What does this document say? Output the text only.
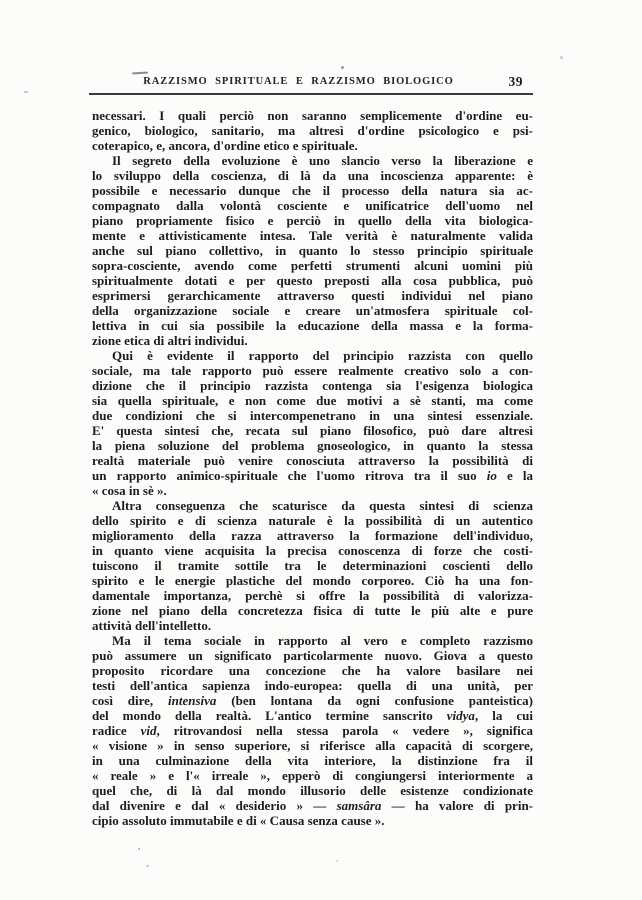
RAZZISMO SPIRITUALE E RAZZISMO BIOLOGICO	39
necessari. I quali perciò non saranno semplicemente d'ordine eu-
genico, biologico, sanitario, ma altresì d'ordine psicologico e psi-
coterapico, e, ancora, d'ordine etico e spirituale.
Il segreto della evoluzione è uno slancio verso la liberazione e
lo sviluppo della coscienza, di là da una incoscienza apparente: è
possibile e necessario dunque che il processo della natura sia ac-
compagnato dalla volontà cosciente e unificatrice dell'uomo nel
piano propriamente fisico e perciò in quello della vita biologica-
mente e attivisticamente intesa. Tale verità è naturalmente valida
anche sul piano collettivo, in quanto lo stesso principio spirituale
sopra-cosciente, avendo come perfetti strumenti alcuni uomini più
spiritualmente dotati e per questo preposti alla cosa pubblica, può
esprimersi gerarchicamente attraverso questi individui nel piano
della organizzazione sociale e creare un'atmosfera spirituale col-
lettiva in cui sia possibile la educazione della massa e la forma-
zione etica di altri individui.
Qui è evidente il rapporto del principio razzista con quello
sociale, ma tale rapporto può essere realmente creativo solo a con-
dizione che il principio razzista contenga sia l'esigenza biologica
sia quella spirituale, e non come due motivi a sè stanti, ma come
due condizioni che si intercompenetrano in una sintesi essenziale.
E' questa sintesi che, recata sul piano filosofico, può dare altresì
la piena soluzione del problema gnoseologico, in quanto la stessa
realtà materiale può venire conosciuta attraverso la possibilità di
un rapporto animico-spirituale che l'uomo ritrova tra il suo io e la
« cosa in sè ».
Altra conseguenza che scaturisce da questa sintesi di scienza
dello spirito e di scienza naturale è la possibilità di un autentico
miglioramento della razza attraverso la formazione dell'individuo,
in quanto viene acquisita la precisa conoscenza di forze che costi-
tuiscono il tramite sottile tra le determinazioni coscienti dello
spirito e le energie plastiche del mondo corporeo. Ciò ha una fon-
damentale importanza, perchè si offre la possibilità di valorizza-
zione nel piano della concretezza fisica di tutte le più alte e pure
attività dell'intelletto.
Ma il tema sociale in rapporto al vero e completo razzismo
può assumere un significato particolarmente nuovo. Giova a questo
proposito ricordare una concezione che ha valore basilare nei
testi dell'antica sapienza indo-europea: quella di una unità, per
così dire, intensiva (ben lontana da ogni confusione panteistica)
del mondo della realtà. L'antico termine sanscrito vidya, la cui
radice vid, ritrovandosi nella stessa parola « vedere », significa
« visione » in senso superiore, si riferisce alla capacità di scorgere,
in una culminazione della vita interiore, la distinzione fra il
« reale » e l'« irreale », epperò di congiungersi interiormente a
quel che, di là dal mondo illusorio delle esistenze condizionate
dal divenire e dal « desiderio » — samsâra — ha valore di prin-
cipio assoluto immutabile e di « Causa senza cause ».
